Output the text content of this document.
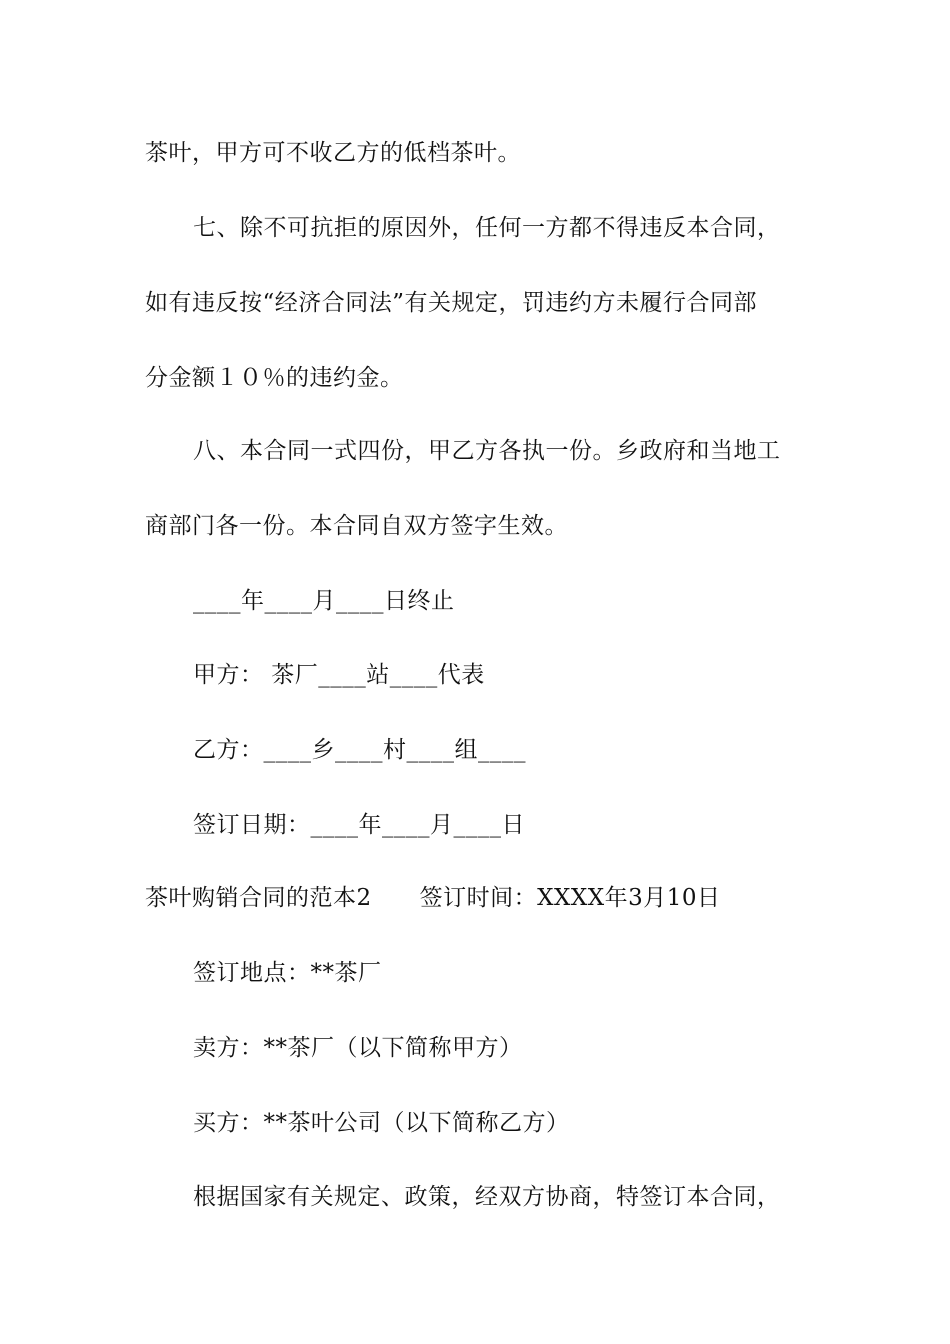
茶叶，甲方可不收乙方的低档茶叶。
七、除不可抗拒的原因外，任何一方都不得违反本合同，
如有违反按“经济合同法”有关规定，罚违约方未履行合同部
分金额１０％的违约金。
八、本合同一式四份，甲乙方各执一份。乡政府和当地工
商部门各一份。本合同自双方签字生效。
____年____月____日终止
甲方： 茶厂____站____代表
乙方：____乡____村____组____
签订日期：____年____月____日
茶叶购销合同的范本2 签订时间：XXXX年3月10日
签订地点：**茶厂
卖方：**茶厂（以下简称甲方）
买方：**茶叶公司（以下简称乙方）
根据国家有关规定、政策，经双方协商，特签订本合同，
